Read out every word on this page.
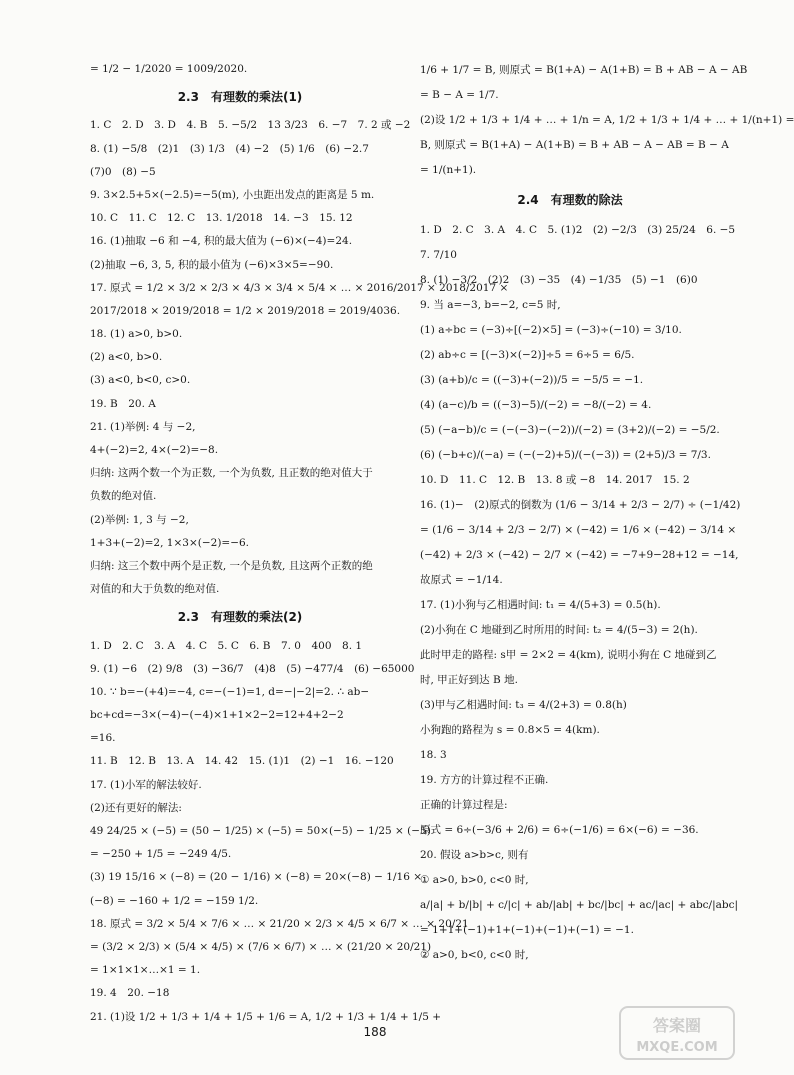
= 1/2 − 1/2020 = 1009/2020.
2.3　有理数的乘法(1)
1. C　2. D　3. D　4. B　5. −5/2　13 3/23　6. −7　7. 2 或 −2
8. (1) −5/8　(2)1　(3) 1/3　(4) −2　(5) 1/6　(6) −2.7
(7)0　(8) −5
9. 3×2.5+5×(−2.5)=−5(m), 小虫距出发点的距离是 5 m.
10. C　11. C　12. C　13. 1/2018　14. −3　15. 12
16. (1)抽取 −6 和 −4, 积的最大值为 (−6)×(−4)=24.
(2)抽取 −6, 3, 5, 积的最小值为 (−6)×3×5=−90.
17. 原式 = 1/2 × 3/2 × 2/3 × 4/3 × 3/4 × 5/4 × … × 2016/2017 × 2018/2017 ×
2017/2018 × 2019/2018 = 1/2 × 2019/2018 = 2019/4036.
18. (1) a>0, b>0.
(2) a<0, b>0.
(3) a<0, b<0, c>0.
19. B　20. A
21. (1)举例: 4 与 −2,
4+(−2)=2, 4×(−2)=−8.
归纳: 这两个数一个为正数, 一个为负数, 且正数的绝对值大于
负数的绝对值.
(2)举例: 1, 3 与 −2,
1+3+(−2)=2, 1×3×(−2)=−6.
归纳: 这三个数中两个是正数, 一个是负数, 且这两个正数的绝
对值的和大于负数的绝对值.
2.3　有理数的乘法(2)
1. D　2. C　3. A　4. C　5. C　6. B　7. 0　400　8. 1
9. (1) −6　(2) 9/8　(3) −36/7　(4)8　(5) −477/4　(6) −65000
10. ∵ b=−(+4)=−4, c=−(−1)=1, d=−|−2|=2. ∴ ab−
bc+cd=−3×(−4)−(−4)×1+1×2−2=12+4+2−2
=16.
11. B　12. B　13. A　14. 42　15. (1)1　(2) −1　16. −120
17. (1)小军的解法较好.
(2)还有更好的解法:
49 24/25 × (−5) = (50 − 1/25) × (−5) = 50×(−5) − 1/25 × (−5)
= −250 + 1/5 = −249 4/5.
(3) 19 15/16 × (−8) = (20 − 1/16) × (−8) = 20×(−8) − 1/16 ×
(−8) = −160 + 1/2 = −159 1/2.
18. 原式 = 3/2 × 5/4 × 7/6 × … × 21/20 × 2/3 × 4/5 × 6/7 × … × 20/21
= (3/2 × 2/3) × (5/4 × 4/5) × (7/6 × 6/7) × … × (21/20 × 20/21)
= 1×1×1×…×1 = 1.
19. 4　20. −18
21. (1)设 1/2 + 1/3 + 1/4 + 1/5 + 1/6 = A, 1/2 + 1/3 + 1/4 + 1/5 +
1/6 + 1/7 = B, 则原式 = B(1+A) − A(1+B) = B + AB − A − AB
= B − A = 1/7.
(2)设 1/2 + 1/3 + 1/4 + … + 1/n = A, 1/2 + 1/3 + 1/4 + … + 1/(n+1) =
B, 则原式 = B(1+A) − A(1+B) = B + AB − A − AB = B − A
= 1/(n+1).
2.4　有理数的除法
1. D　2. C　3. A　4. C　5. (1)2　(2) −2/3　(3) 25/24　6. −5
7. 7/10
8. (1) −3/2　(2)2　(3) −35　(4) −1/35　(5) −1　(6)0
9. 当 a=−3, b=−2, c=5 时,
(1) a÷bc = (−3)÷[(−2)×5] = (−3)÷(−10) = 3/10.
(2) ab÷c = [(−3)×(−2)]÷5 = 6÷5 = 6/5.
(3) (a+b)/c = ((−3)+(−2))/5 = −5/5 = −1.
(4) (a−c)/b = ((−3)−5)/(−2) = −8/(−2) = 4.
(5) (−a−b)/c = (−(−3)−(−2))/(−2) = (3+2)/(−2) = −5/2.
(6) (−b+c)/(−a) = (−(−2)+5)/(−(−3)) = (2+5)/3 = 7/3.
10. D　11. C　12. B　13. 8 或 −8　14. 2017　15. 2
16. (1)−　(2)原式的倒数为 (1/6 − 3/14 + 2/3 − 2/7) ÷ (−1/42)
= (1/6 − 3/14 + 2/3 − 2/7) × (−42) = 1/6 × (−42) − 3/14 ×
(−42) + 2/3 × (−42) − 2/7 × (−42) = −7+9−28+12 = −14,
故原式 = −1/14.
17. (1)小狗与乙相遇时间: t₁ = 4/(5+3) = 0.5(h).
(2)小狗在 C 地碰到乙时所用的时间: t₂ = 4/(5−3) = 2(h).
此时甲走的路程: s甲 = 2×2 = 4(km), 说明小狗在 C 地碰到乙
时, 甲正好到达 B 地.
(3)甲与乙相遇时间: t₃ = 4/(2+3) = 0.8(h)
小狗跑的路程为 s = 0.8×5 = 4(km).
18. 3
19. 方方的计算过程不正确.
正确的计算过程是:
原式 = 6÷(−3/6 + 2/6) = 6÷(−1/6) = 6×(−6) = −36.
20. 假设 a>b>c, 则有
① a>0, b>0, c<0 时,
a/|a| + b/|b| + c/|c| + ab/|ab| + bc/|bc| + ac/|ac| + abc/|abc|
= 1+1+(−1)+1+(−1)+(−1)+(−1) = −1.
② a>0, b<0, c<0 时,
188	答案圈
MXQE.COM
